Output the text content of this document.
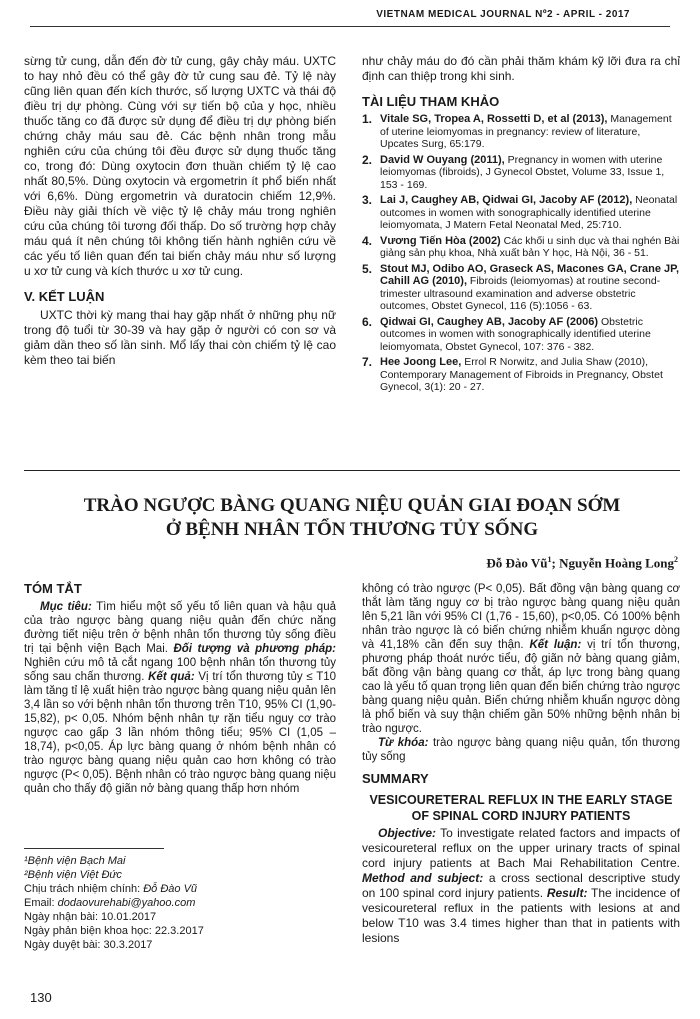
VIETNAM MEDICAL JOURNAL Nº2 - APRIL - 2017

sừng tử cung, dẫn đến đờ tử cung, gây chảy máu. UXTC to hay nhỏ đều có thể gây đờ tử cung sau đẻ. Tỷ lệ này cũng liên quan đến kích thước, số lượng UXTC và thái độ điều trị dự phòng. Cùng với sự tiến bộ của y học, nhiều thuốc tăng co đã được sử dụng để điều trị dự phòng biến chứng chảy máu sau đẻ. Các bệnh nhân trong mẫu nghiên cứu của chúng tôi đều được sử dụng thuốc tăng co, trong đó: Dùng oxytocin đơn thuần chiếm tỷ lệ cao nhất 80,5%. Dùng oxytocin và ergometrin ít phổ biến nhất với 6,6%. Dùng ergometrin và duratocin chiếm 12,9%. Điều này giải thích về việc tỷ lệ chảy máu trong nghiên cứu của chúng tôi tương đối thấp. Do số trường hợp chảy máu quá ít nên chúng tôi không tiến hành nghiên cứu về các yếu tố liên quan đến tai biến chảy máu như số lượng u xơ tử cung và kích thước u xơ tử cung.

V. KẾT LUẬN

UXTC thời kỳ mang thai hay gặp nhất ở những phụ nữ trong độ tuổi từ 30-39 và hay gặp ở người có con sơ và giảm dần theo số lần sinh. Mổ lấy thai còn chiếm tỷ lệ cao kèm theo tai biến

như chảy máu do đó cần phải thăm khám kỹ lỡi đưa ra chỉ định can thiệp trong khi sinh.

TÀI LIỆU THAM KHẢO
1. Vitale SG, Tropea A, Rossetti D, et al (2013), Management of uterine leiomyomas in pregnancy: review of literature, Upcates Surg, 65:179.
2. David W Ouyang (2011), Pregnancy in women with uterine leiomyomas (fibroids), J Gynecol Obstet, Volume 33, Issue 1, 153 - 169.
3. Lai J, Caughey AB, Qidwai GI, Jacoby AF (2012), Neonatal outcomes in women with sonographically identified uterine leiomyomata, J Matern Fetal Neonatal Med, 25:710.
4. Vương Tiến Hòa (2002) Các khối u sinh dục và thai nghén Bài giảng sản phụ khoa, Nhà xuất bản Y học, Hà Nội, 36 - 51.
5. Stout MJ, Odibo AO, Graseck AS, Macones GA, Crane JP, Cahill AG (2010), Fibroids (leiomyomas) at routine second-trimester ultrasound examination and adverse obstetric outcomes, Obstet Gynecol, 116 (5):1056 - 63.
6. Qidwai GI, Caughey AB, Jacoby AF (2006) Obstetric outcomes in women with sonographically identified uterine leiomyomata, Obstet Gynecol, 107: 376 - 382.
7. Hee Joong Lee, Errol R Norwitz, and Julia Shaw (2010), Contemporary Management of Fibroids in Pregnancy, Obstet Gynecol, 3(1): 20 - 27.
TRÀO NGƯỢC BÀNG QUANG NIỆU QUẢN GIAI ĐOẠN SỚM
Ở BỆNH NHÂN TỔN THƯƠNG TỦY SỐNG
Đỗ Đào $Vũ^1$; Nguyễn Hoàng Long$^2$
TÓM TẮT

Mục tiêu: Tìm hiểu một số yếu tố liên quan và hậu quả của trào ngược bàng quang niệu quản đến chức năng đường tiết niệu trên ở bệnh nhân tổn thương tủy sống điều trị tại bệnh viện Bạch Mai. Đối tượng và phương pháp: Nghiên cứu mô tả cắt ngang 100 bệnh nhân tổn thương tủy sống sau chấn thương. Kết quả: Vị trí tổn thương tủy ≤ T10 làm tăng tỉ lệ xuất hiện trào ngược bàng quang niệu quản lên 3,4 lần so với bệnh nhân tổn thương trên T10, 95% CI (1,90-15,82), p< 0,05. Nhóm bệnh nhân tự rặn tiểu nguy cơ trào ngược cao gấp 3 lần nhóm thông tiểu; 95% CI (1,05 – 18,74), p<0,05. Áp lực bàng quang ở nhóm bệnh nhân có trào ngược bàng quang niệu quản cao hơn không có trào ngược (P< 0,05). Bệnh nhân có trào ngược bàng quang niệu quản cho thấy độ giãn nở bàng quang thấp hơn nhóm

không có trào ngược (P< 0,05). Bất đồng vận bàng quang cơ thắt làm tăng nguy cơ bị trào ngược bàng quang niệu quản lên 5,21 lần với 95% CI (1,76 - 15,60), p<0,05. Có 100% bệnh nhân trào ngược là có biến chứng nhiễm khuẩn ngược dòng và 41,18% cần đến suy thận. Kết luận: vị trí tổn thương, phương pháp thoát nước tiểu, độ giãn nở bàng quang giảm, bất đồng vận bàng quang cơ thắt, áp lực trong bàng quang cao là yếu tố quan trọng liên quan đến biến chứng trào ngược bàng quang niệu quản. Biến chứng nhiễm khuẩn ngược dòng là phổ biến và suy thận chiếm gần 50% những bệnh nhân bị trào ngược.

Từ khóa: trào ngược bàng quang niệu quản, tổn thương tủy sống

SUMMARY
VESICOURETERAL REFLUX IN THE EARLY STAGE OF SPINAL CORD INJURY PATIENTS

Objective: To investigate related factors and impacts of vesicoureteral reflux on the upper urinary tracts of spinal cord injury patients at Bach Mai Rehabilitation Centre. Method and subject: a cross sectional descriptive study on 100 spinal cord injury patients. Result: The incidence of vesicoureteral reflux in the patients with lesions at and below T10 was 3.4 times higher than that in patients with lesions

¹Bệnh viện Bạch Mai
²Bệnh viện Việt Đức
Chịu trách nhiệm chính: Đỗ Đào Vũ
Email: dodaovurehabi@yahoo.com
Ngày nhận bài: 10.01.2017
Ngày phản biện khoa học: 22.3.2017
Ngày duyệt bài: 30.3.2017
130
